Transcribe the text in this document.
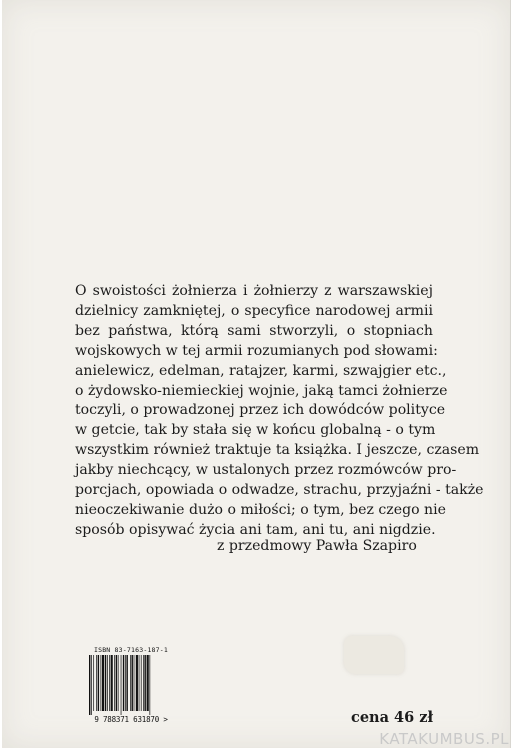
O swoistości żołnierza i żołnierzy z warszawskiej
dzielnicy zamkniętej, o specyfice narodowej armii
bez państwa, którą sami stworzyli, o stopniach
wojskowych w tej armii rozumianych pod słowami:
anielewicz, edelman, ratajzer, karmi, szwajgier etc.,
o żydowsko-niemieckiej wojnie, jaką tamci żołnierze
toczyli, o prowadzonej przez ich dowódców polityce
w getcie, tak by stała się w końcu globalną - o tym
wszystkim również traktuje ta książka. I jeszcze, czasem
jakby niechcący, w ustalonych przez rozmówców pro-
porcjach, opowiada o odwadze, strachu, przyjaźni - także
nieoczekiwanie dużo o miłości; o tym, bez czego nie
sposób opisywać życia ani tam, ani tu, ani nigdzie.
z przedmowy Pawła Szapiro
ISBN 83-7163-187-1
9 788371 631870 >	cena 46 zł
KATAKUMBUS.PL
